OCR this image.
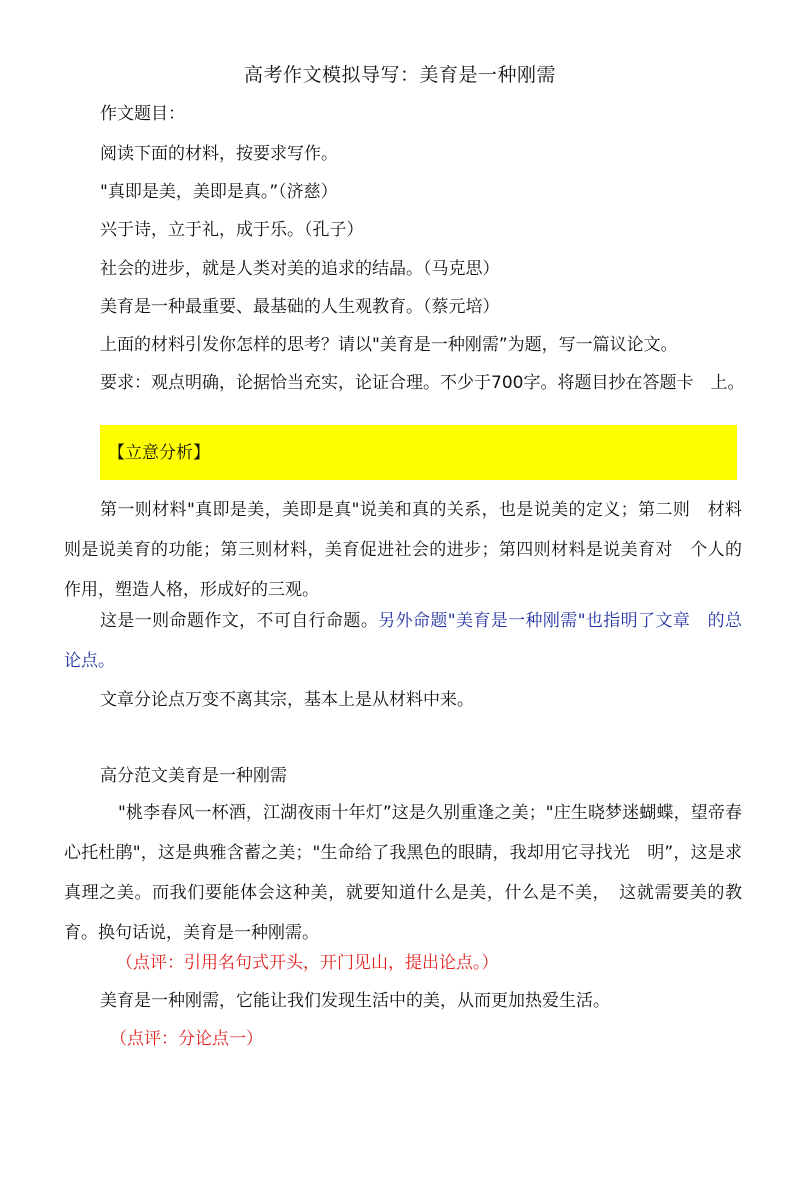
高考作文模拟导写：美育是一种刚需
作文题目：
阅读下面的材料，按要求写作。
"真即是美，美即是真。”（济慈）
兴于诗，立于礼，成于乐。（孔子）
社会的进步，就是人类对美的追求的结晶。（马克思）
美育是一种最重要、最基础的人生观教育。（蔡元培）
上面的材料引发你怎样的思考？请以"美育是一种刚需”为题，写一篇议论文。
要求：观点明确，论据恰当充实，论证合理。不少于700字。将题目抄在答题卡　上。
【立意分析】
第一则材料"真即是美，美即是真"说美和真的关系，也是说美的定义；第二则　材料则是说美育的功能；第三则材料，美育促进社会的进步；第四则材料是说美育对　个人的作用，塑造人格，形成好的三观。
这是一则命题作文，不可自行命题。另外命题"美育是一种刚需"也指明了文章　的总论点。
文章分论点万变不离其宗，基本上是从材料中来。
高分范文美育是一种刚需
"桃李春风一杯酒，江湖夜雨十年灯”这是久别重逢之美；"庄生晓梦迷蝴蝶，望帝春心托杜鹃"，这是典雅含蓄之美；"生命给了我黑色的眼睛，我却用它寻找光　明”，这是求真理之美。而我们要能体会这种美，就要知道什么是美，什么是不美，　这就需要美的教育。换句话说，美育是一种刚需。
（点评：引用名句式开头，开门见山，提出论点。）
美育是一种刚需，它能让我们发现生活中的美，从而更加热爱生活。
（点评：分论点一）
